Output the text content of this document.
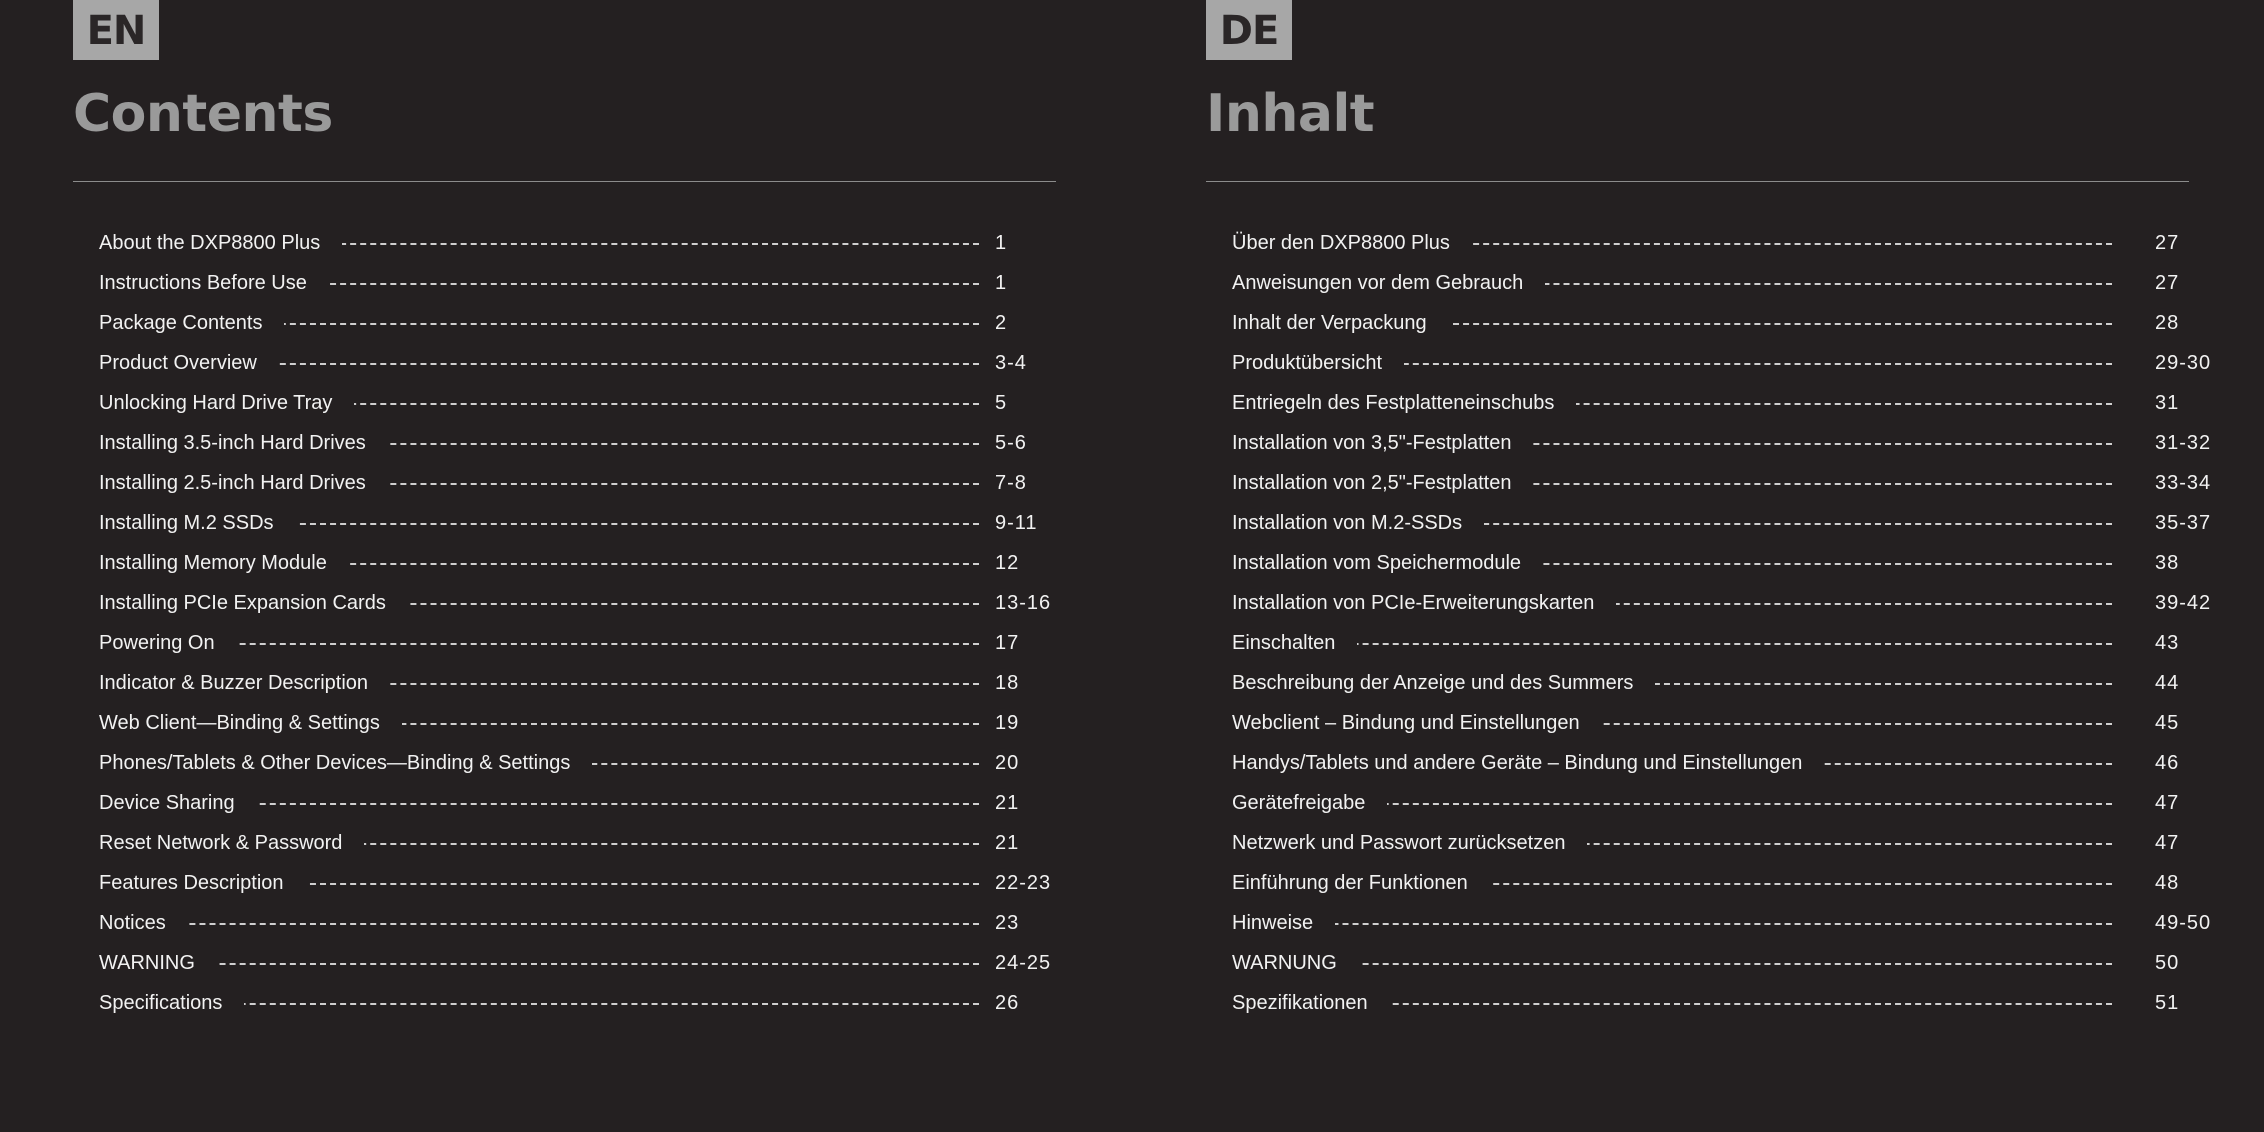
EN
Contents
About the DXP8800 Plus	1
Instructions Before Use	1
Package Contents	2
Product Overview	3-4
Unlocking Hard Drive Tray	5
Installing 3.5-inch Hard Drives	5-6
Installing 2.5-inch Hard Drives	7-8
Installing M.2 SSDs	9-11
Installing Memory Module	12
Installing PCIe Expansion Cards	13-16
Powering On	17
Indicator & Buzzer Description	18
Web Client—Binding & Settings	19
Phones/Tablets & Other Devices—Binding & Settings	20
Device Sharing	21
Reset Network & Password	21
Features Description	22-23
Notices	23
WARNING	24-25
Specifications	26
DE
Inhalt
Über den DXP8800 Plus	27
Anweisungen vor dem Gebrauch	27
Inhalt der Verpackung	28
Produktübersicht	29-30
Entriegeln des Festplatteneinschubs	31
Installation von 3,5"-Festplatten	31-32
Installation von 2,5"-Festplatten	33-34
Installation von M.2-SSDs	35-37
Installation vom Speichermodule	38
Installation von PCIe-Erweiterungskarten	39-42
Einschalten	43
Beschreibung der Anzeige und des Summers	44
Webclient – Bindung und Einstellungen	45
Handys/Tablets und andere Geräte – Bindung und Einstellungen	46
Gerätefreigabe	47
Netzwerk und Passwort zurücksetzen	47
Einführung der Funktionen	48
Hinweise	49-50
WARNUNG	50
Spezifikationen	51
